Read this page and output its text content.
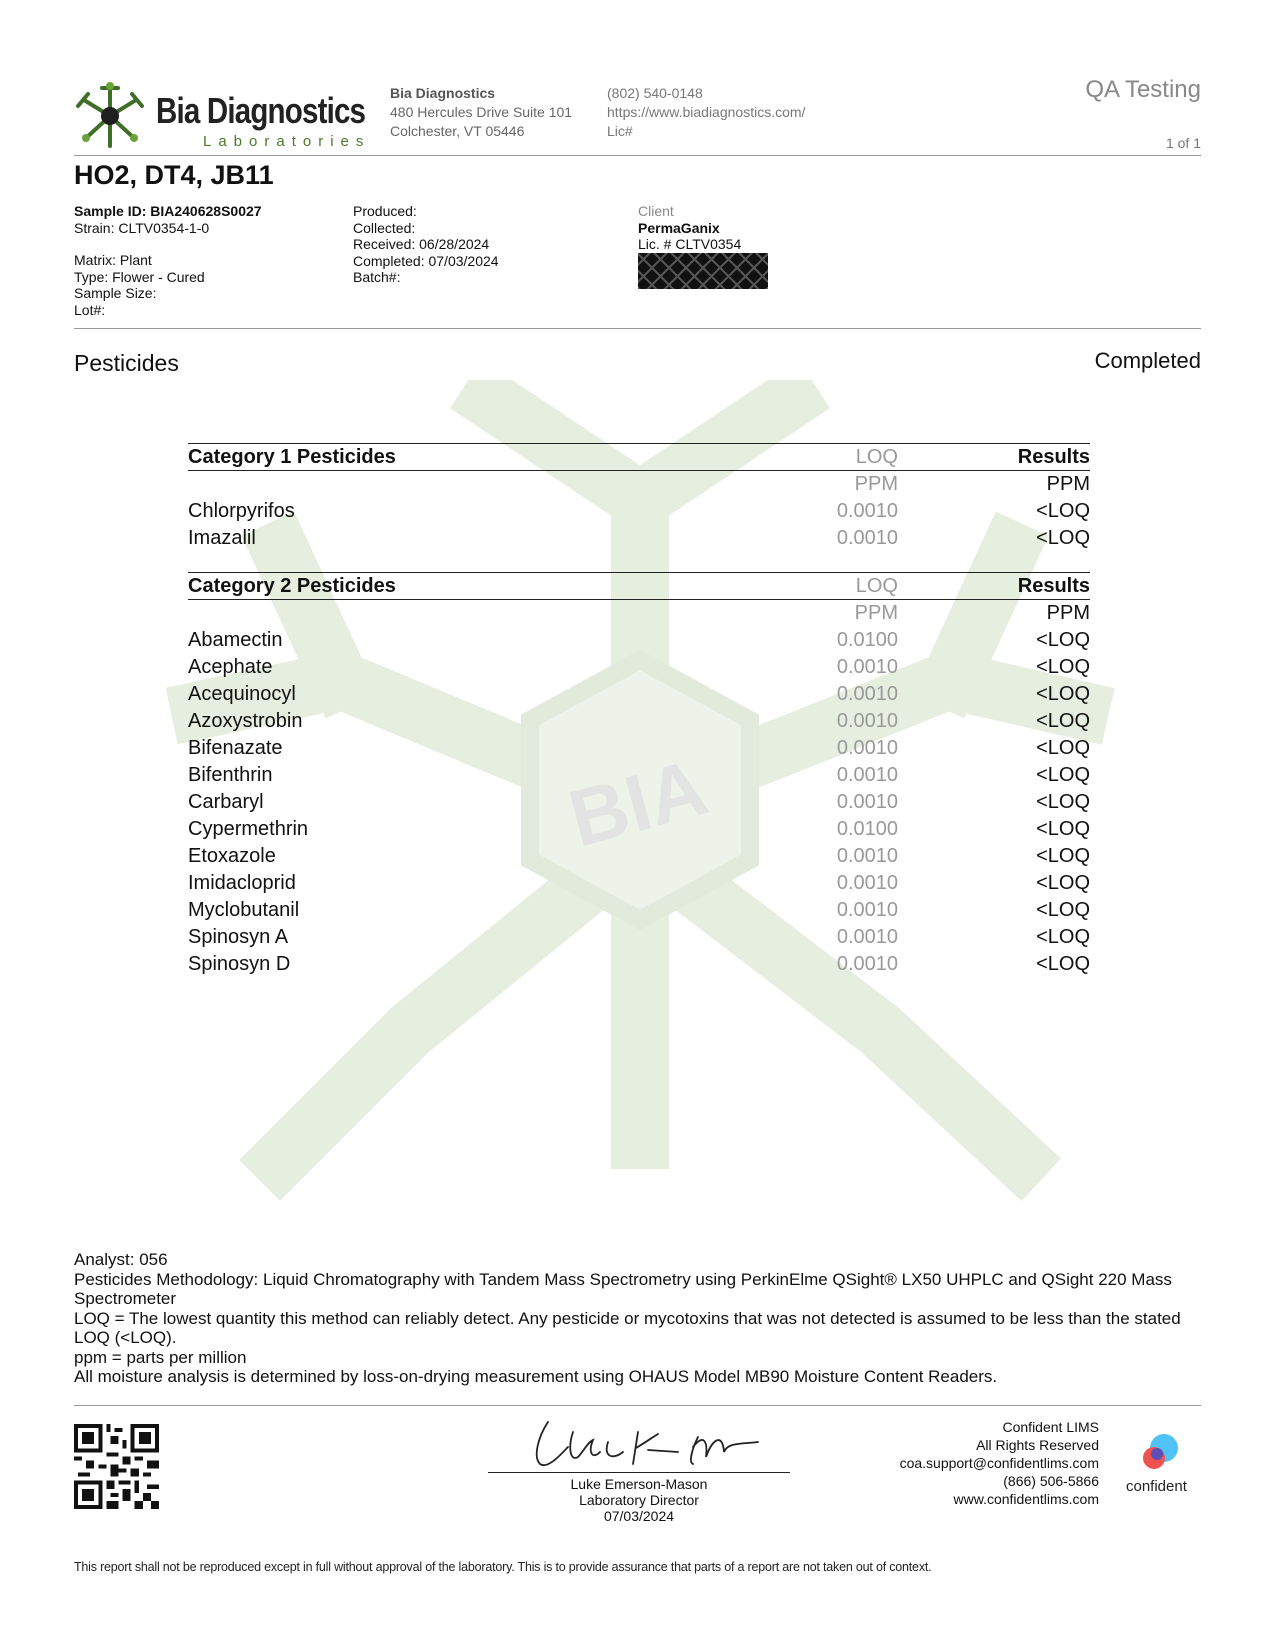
BIA
Bia Diagnostics
Laboratories
Bia Diagnostics
480 Hercules Drive Suite 101
Colchester, VT 05446
(802) 540-0148
https://www.biadiagnostics.com/
Lic#
QA Testing
1 of 1
HO2, DT4, JB11
Sample ID: BIA240628S0027
Strain: CLTV0354-1-0
Matrix: Plant
Type: Flower - Cured
Sample Size:
Lot#:
Produced:
Collected:
Received: 06/28/2024
Completed: 07/03/2024
Batch#:
Client
PermaGanix
Lic. # CLTV0354
Pesticides	Completed
Category 1 Pesticides	LOQ	Results
	PPM	PPM
Chlorpyrifos	0.0010	<LOQ
Imazalil	0.0010	<LOQ
Category 2 Pesticides	LOQ	Results
	PPM	PPM
Abamectin	0.0100	<LOQ
Acephate	0.0010	<LOQ
Acequinocyl	0.0010	<LOQ
Azoxystrobin	0.0010	<LOQ
Bifenazate	0.0010	<LOQ
Bifenthrin	0.0010	<LOQ
Carbaryl	0.0010	<LOQ
Cypermethrin	0.0100	<LOQ
Etoxazole	0.0010	<LOQ
Imidacloprid	0.0010	<LOQ
Myclobutanil	0.0010	<LOQ
Spinosyn A	0.0010	<LOQ
Spinosyn D	0.0010	<LOQ
Analyst: 056
Pesticides Methodology: Liquid Chromatography with Tandem Mass Spectrometry using PerkinElme QSight® LX50 UHPLC and QSight 220 Mass Spectrometer
LOQ = The lowest quantity this method can reliably detect. Any pesticide or mycotoxins that was not detected is assumed to be less than the stated LOQ (<LOQ).
ppm = parts per million
All moisture analysis is determined by loss-on-drying measurement using OHAUS Model MB90 Moisture Content Readers.
Luke Emerson-Mason
Laboratory Director
07/03/2024
Confident LIMS
All Rights Reserved
coa.support@confidentlims.com
(866) 506-5866
www.confidentlims.com
confident
This report shall not be reproduced except in full without approval of the laboratory. This is to provide assurance that parts of a report are not taken out of context.
